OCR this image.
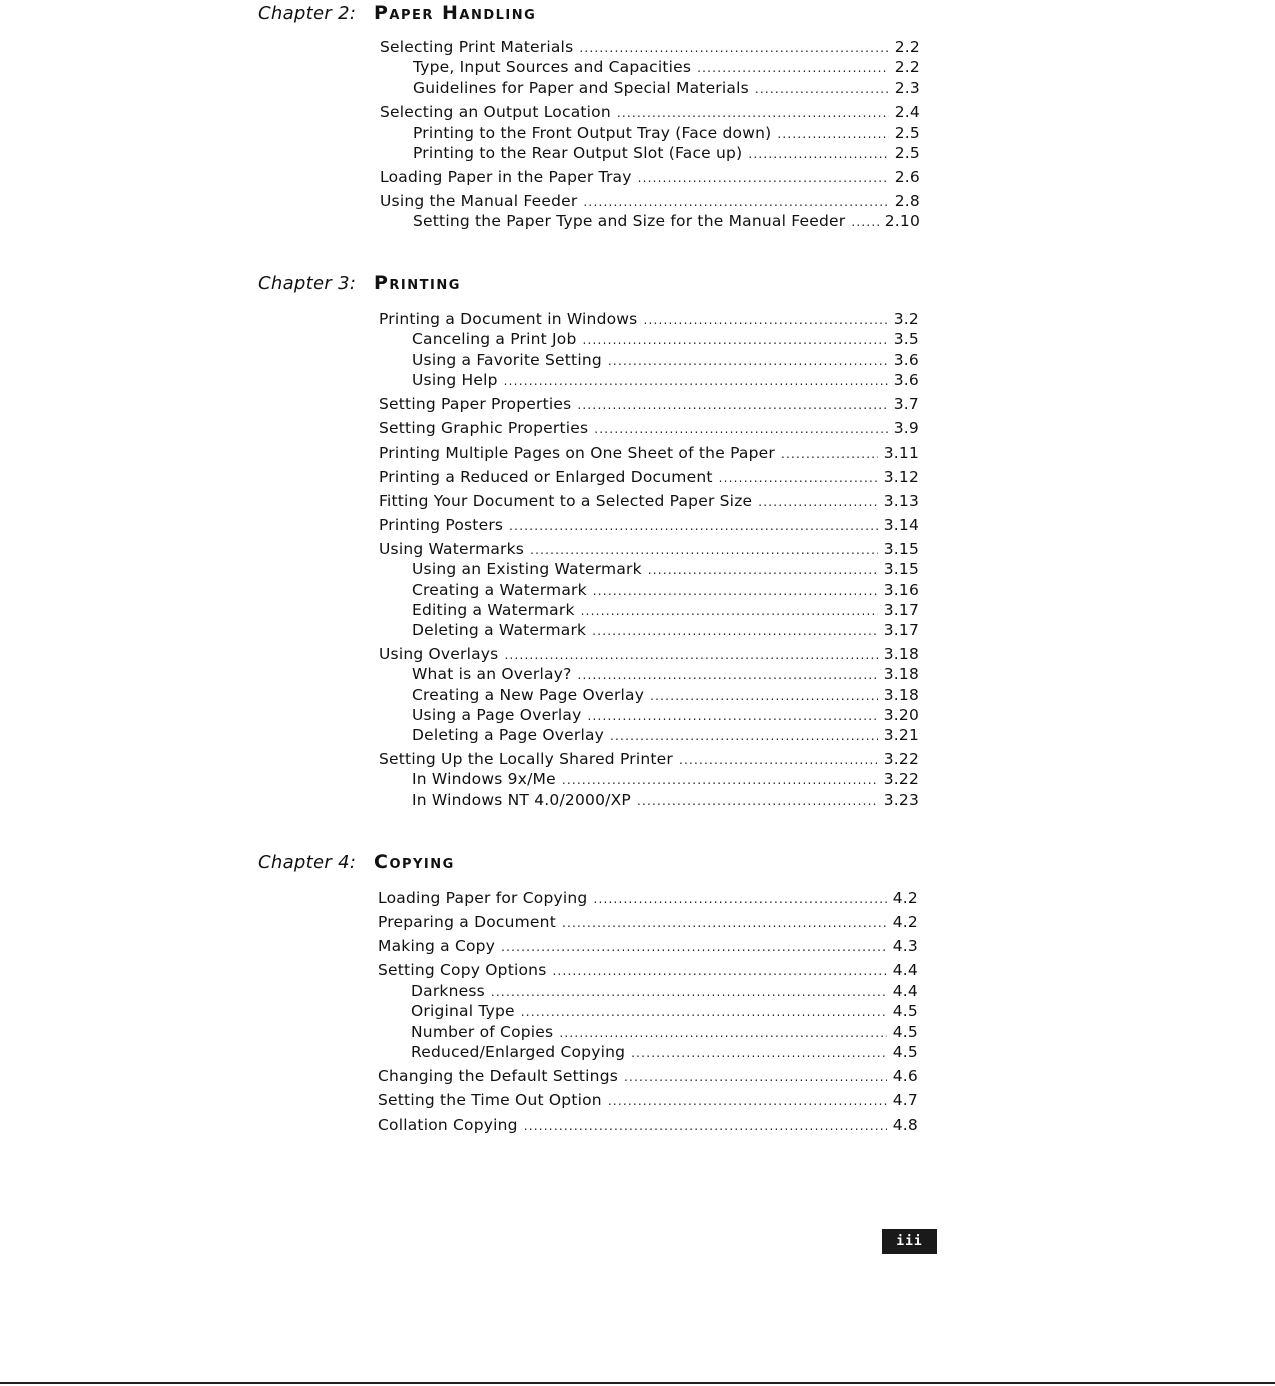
Chapter 2: Paper Handling
Selecting Print Materials .....	2.2
Type, Input Sources and Capacities .....	2.2
Guidelines for Paper and Special Materials .....	2.3
Selecting an Output Location .....	2.4
Printing to the Front Output Tray (Face down) .....	2.5
Printing to the Rear Output Slot (Face up) .....	2.5
Loading Paper in the Paper Tray .....	2.6
Using the Manual Feeder .....	2.8
Setting the Paper Type and Size for the Manual Feeder .....	2.10
Chapter 3: Printing
Printing a Document in Windows .....	3.2
Canceling a Print Job .....	3.5
Using a Favorite Setting .....	3.6
Using Help .....	3.6
Setting Paper Properties .....	3.7
Setting Graphic Properties .....	3.9
Printing Multiple Pages on One Sheet of the Paper .....	3.11
Printing a Reduced or Enlarged Document .....	3.12
Fitting Your Document to a Selected Paper Size .....	3.13
Printing Posters .....	3.14
Using Watermarks .....	3.15
Using an Existing Watermark .....	3.15
Creating a Watermark .....	3.16
Editing a Watermark .....	3.17
Deleting a Watermark .....	3.17
Using Overlays .....	3.18
What is an Overlay? .....	3.18
Creating a New Page Overlay .....	3.18
Using a Page Overlay .....	3.20
Deleting a Page Overlay .....	3.21
Setting Up the Locally Shared Printer .....	3.22
In Windows 9x/Me .....	3.22
In Windows NT 4.0/2000/XP .....	3.23
Chapter 4: Copying
Loading Paper for Copying .....	4.2
Preparing a Document .....	4.2
Making a Copy .....	4.3
Setting Copy Options .....	4.4
Darkness .....	4.4
Original Type .....	4.5
Number of Copies .....	4.5
Reduced/Enlarged Copying .....	4.5
Changing the Default Settings .....	4.6
Setting the Time Out Option .....	4.7
Collation Copying .....	4.8
iii
